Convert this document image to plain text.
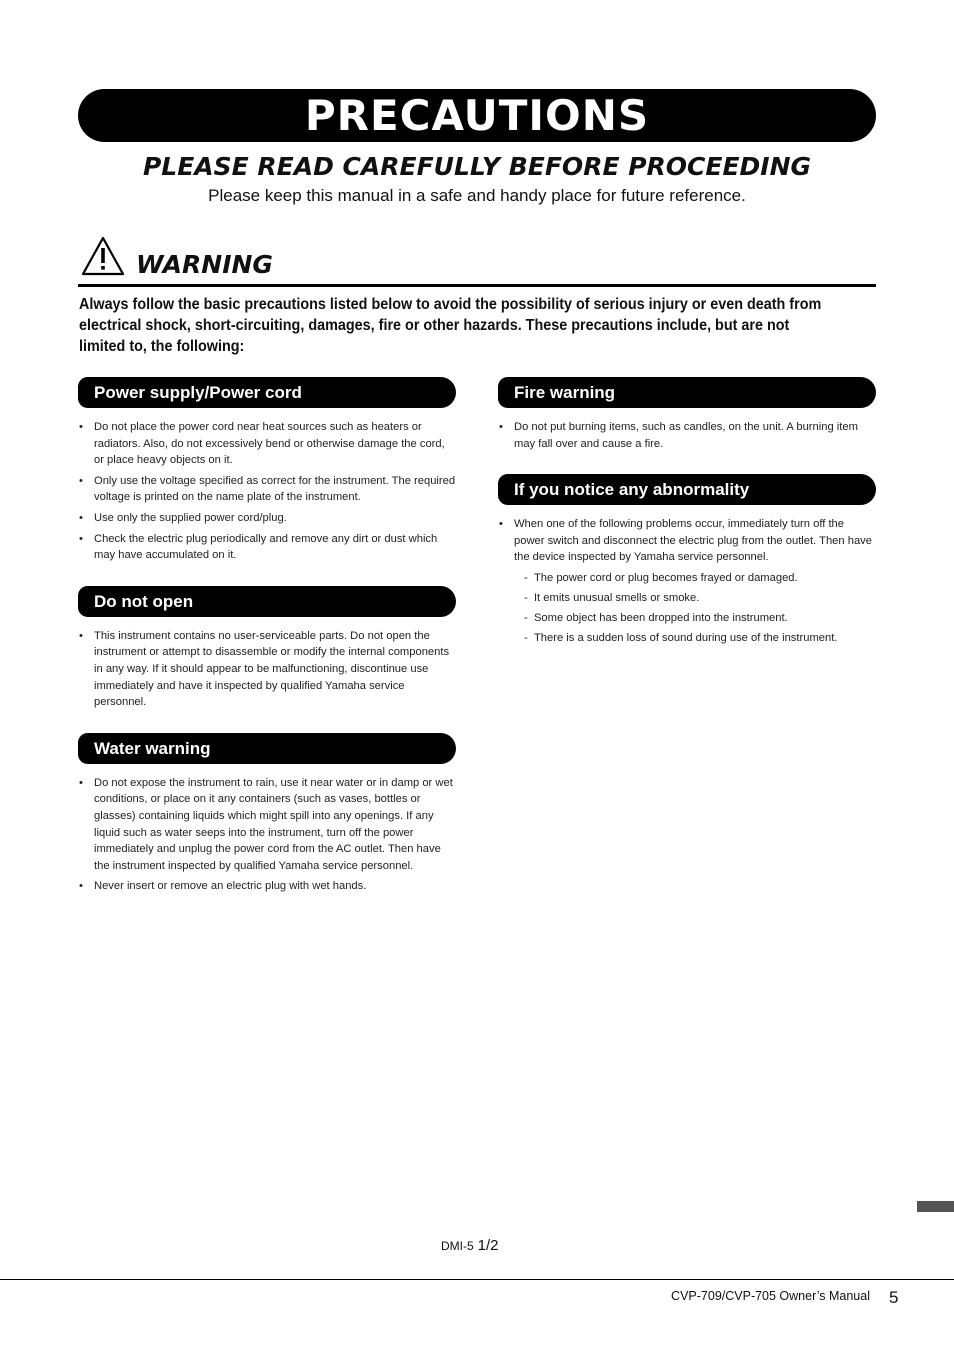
PRECAUTIONS
PLEASE READ CAREFULLY BEFORE PROCEEDING
Please keep this manual in a safe and handy place for future reference.
WARNING

Always follow the basic precautions listed below to avoid the possibility of serious injury or even death from electrical shock, short-circuiting, damages, fire or other hazards. These precautions include, but are not limited to, the following:

Power supply/Power cord
• Do not place the power cord near heat sources such as heaters or radiators. Also, do not excessively bend or otherwise damage the cord, or place heavy objects on it.
• Only use the voltage specified as correct for the instrument. The required voltage is printed on the name plate of the instrument.
• Use only the supplied power cord/plug.
• Check the electric plug periodically and remove any dirt or dust which may have accumulated on it.
Do not open
• This instrument contains no user-serviceable parts. Do not open the instrument or attempt to disassemble or modify the internal components in any way. If it should appear to be malfunctioning, discontinue use immediately and have it inspected by qualified Yamaha service personnel.
Water warning
• Do not expose the instrument to rain, use it near water or in damp or wet conditions, or place on it any containers (such as vases, bottles or glasses) containing liquids which might spill into any openings. If any liquid such as water seeps into the instrument, turn off the power immediately and unplug the power cord from the AC outlet. Then have the instrument inspected by qualified Yamaha service personnel.
• Never insert or remove an electric plug with wet hands.
Fire warning
• Do not put burning items, such as candles, on the unit. A burning item may fall over and cause a fire.
If you notice any abnormality
• When one of the following problems occur, immediately turn off the power switch and disconnect the electric plug from the outlet. Then have the device inspected by Yamaha service personnel.
-  The power cord or plug becomes frayed or damaged.
-  It emits unusual smells or smoke.
-  Some object has been dropped into the instrument.
-  There is a sudden loss of sound during use of the instrument.
DMI-5 1/2
CVP-709/CVP-705 Owner’s Manual 5
